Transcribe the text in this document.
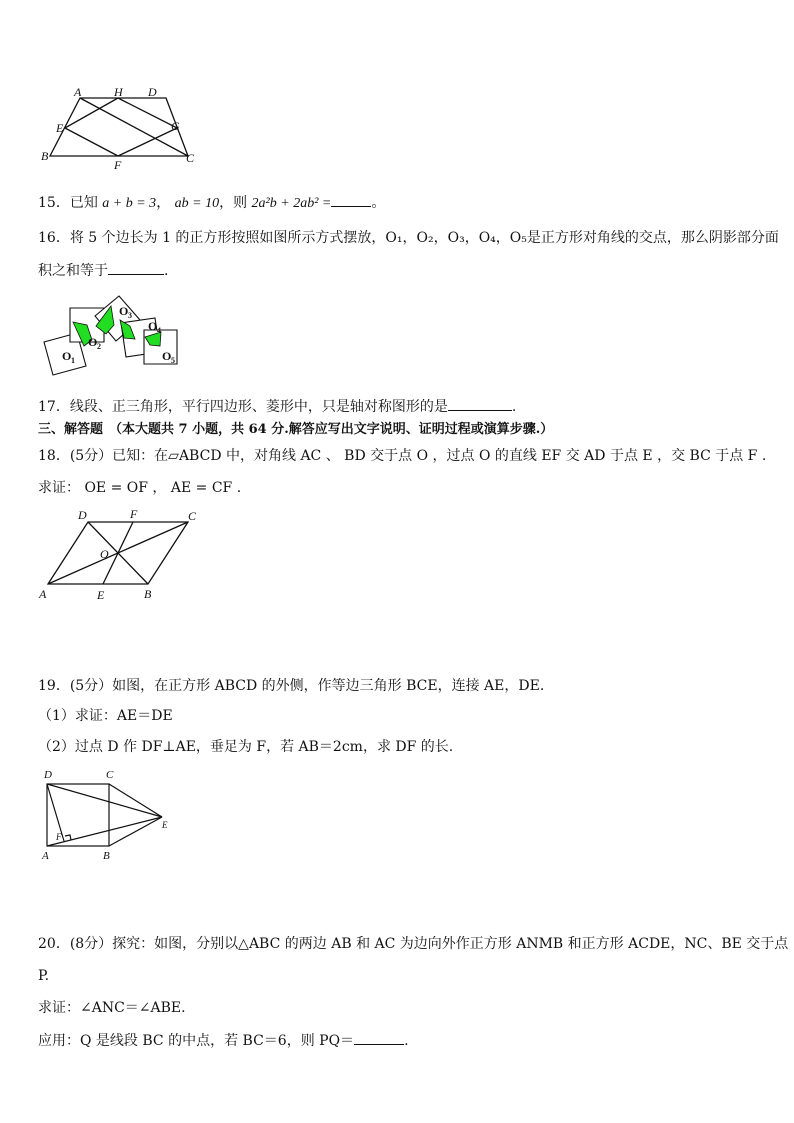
A	H D
E	G
B
F	C
15．已知 a + b = 3， ab = 10，则 2a²b + 2ab² =	。
16．将 5 个边长为 1 的正方形按照如图所示方式摆放，O₁，O₂，O₃，O₄，O₅是正方形对角线的交点，那么阴影部分面
积之和等于	.
O 1
O 2
O 3
O 4
O 5
17．线段、正三角形，平行四边形、菱形中，只是轴对称图形的是	.
三、解答题 （本大题共 7 小题，共 64 分.解答应写出文字说明、证明过程或演算步骤.）
18．(5分）已知：在▱ABCD 中，对角线 AC 、 BD 交于点 O ，过点 O 的直线 EF 交 AD 于点 E ，交 BC 于点 F .
求证： OE = OF ， AE = CF .
D	F	C
O
A	E	B
19．(5分）如图，在正方形 ABCD 的外侧，作等边三角形 BCE，连接 AE，DE.
（1）求证：AE＝DE
（2）过点 D 作 DF⊥AE，垂足为 F，若 AB＝2cm，求 DF 的长.
D	C
E
F
A	B
20．(8分）探究：如图，分别以△ABC 的两边 AB 和 AC 为边向外作正方形 ANMB 和正方形 ACDE，NC、BE 交于点
P.
求证：∠ANC＝∠ABE.
应用：Q 是线段 BC 的中点，若 BC＝6，则 PQ＝	.
